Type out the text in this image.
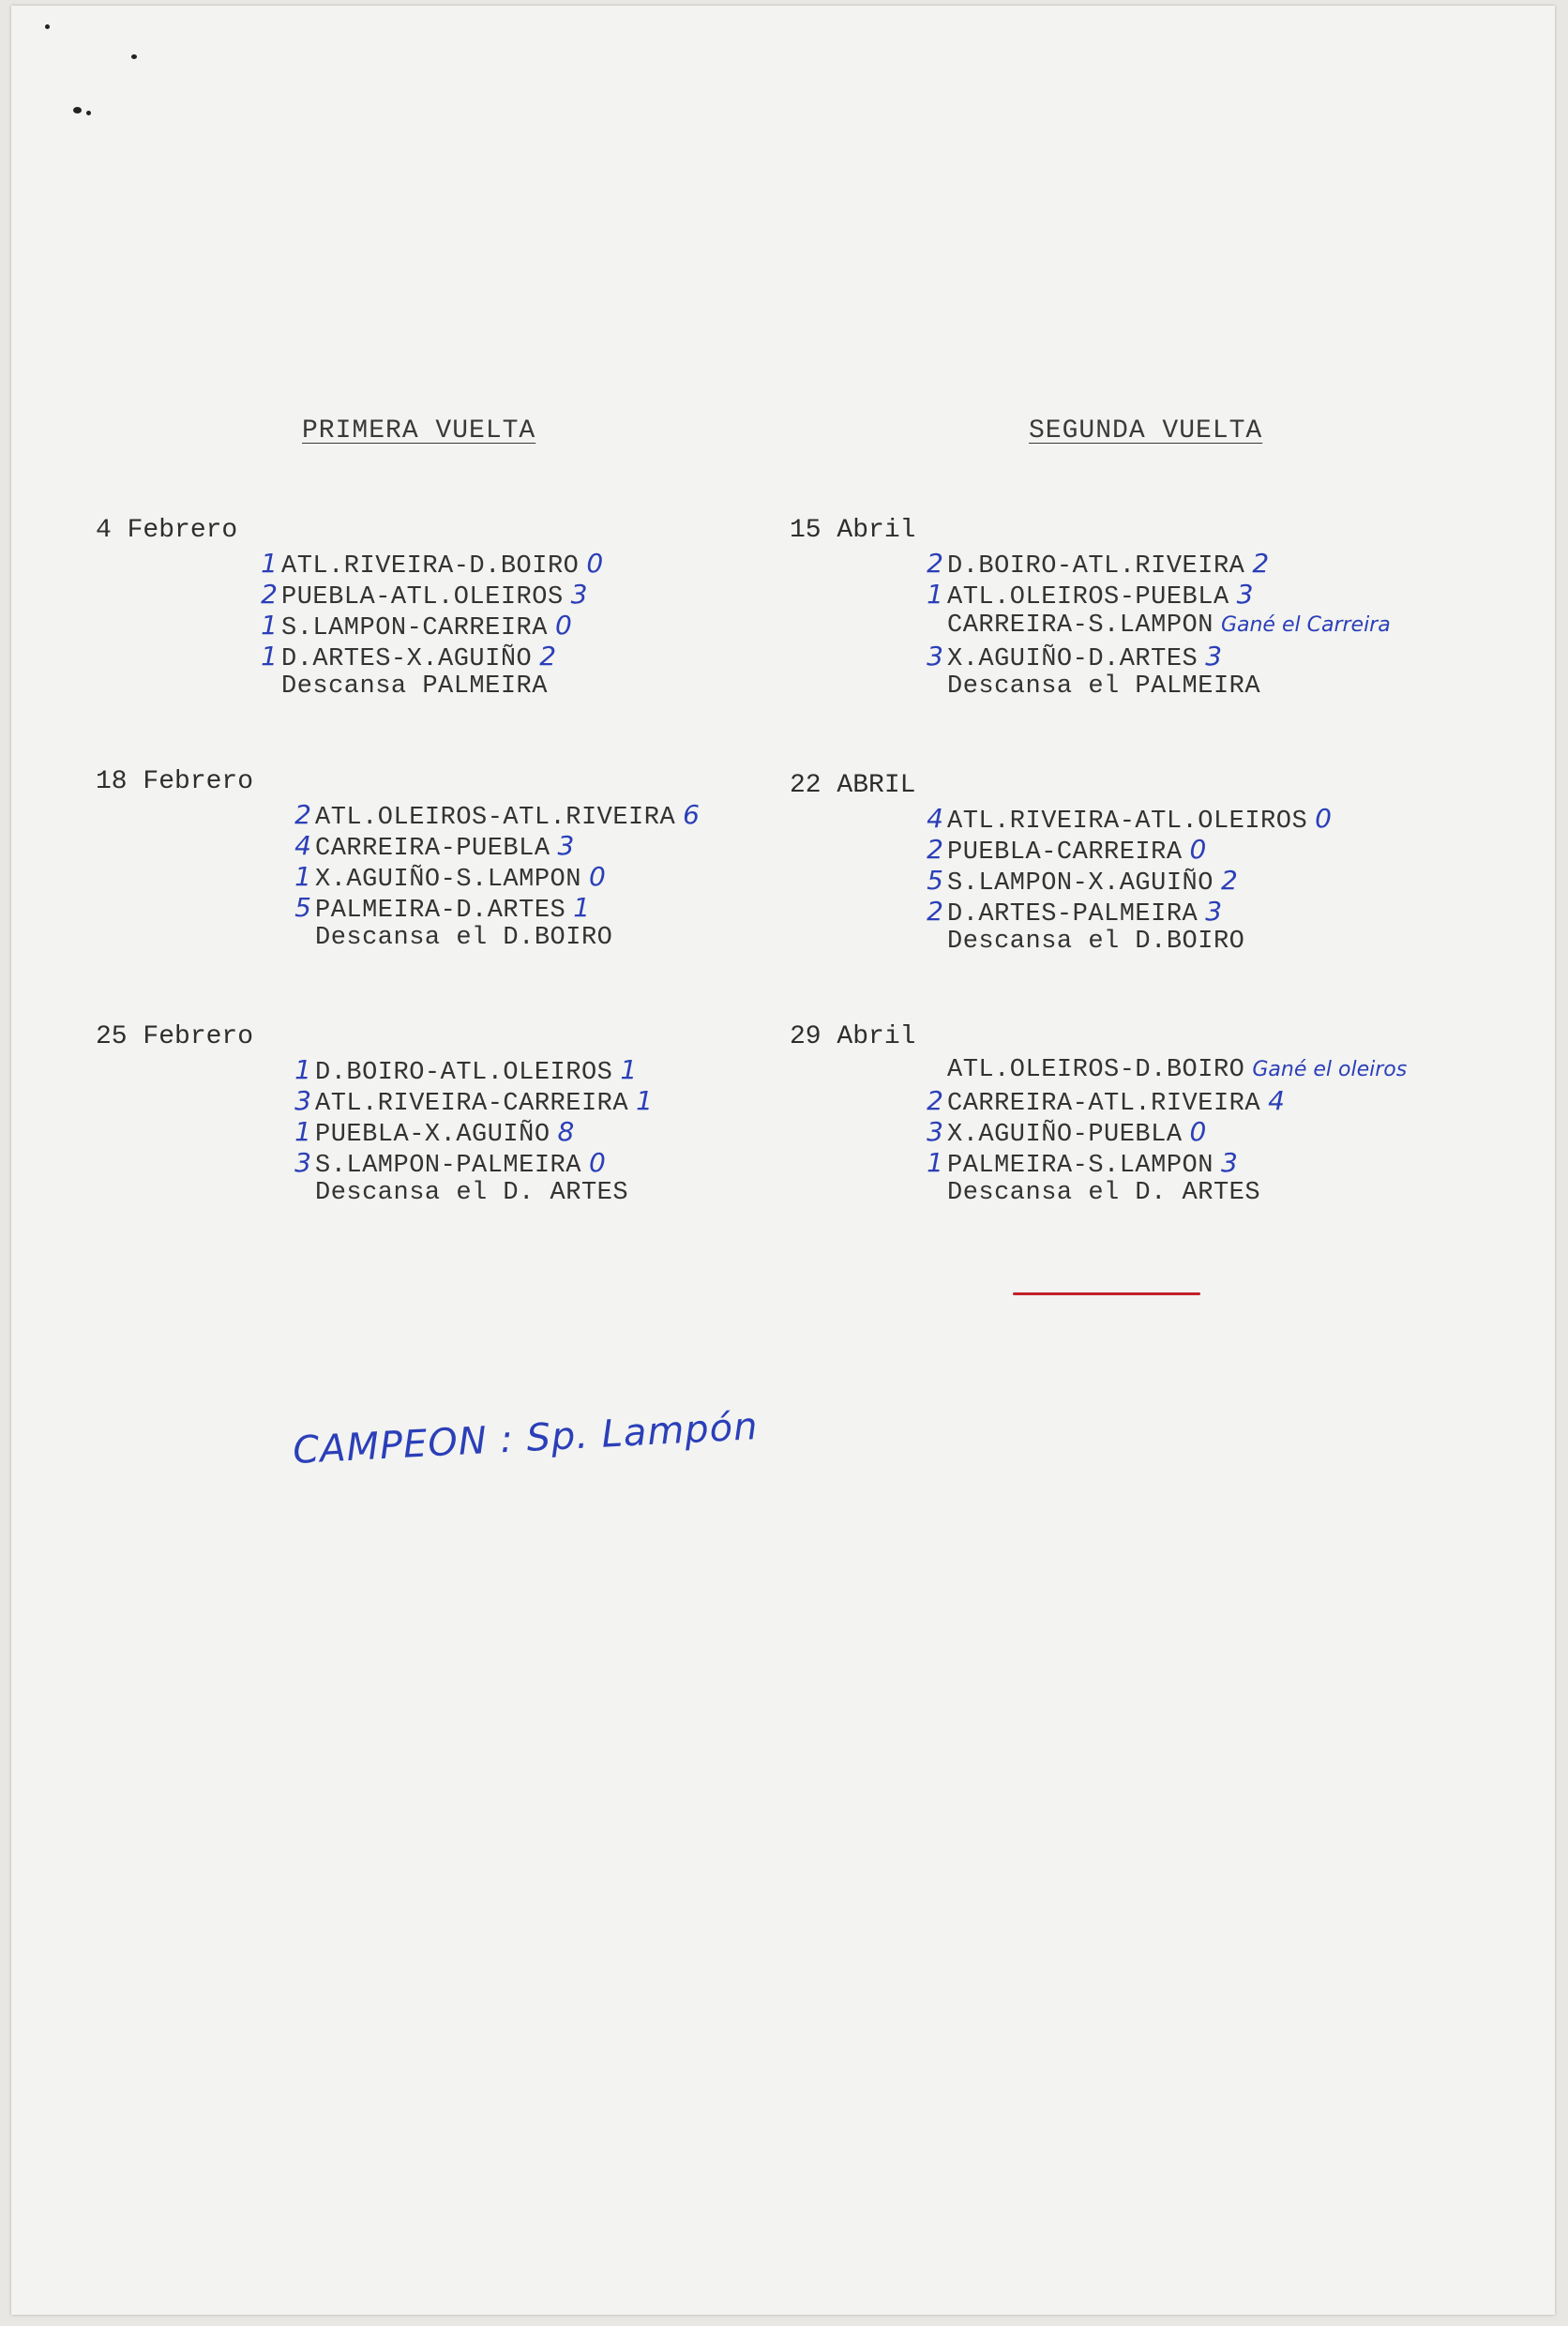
PRIMERA VUELTA
4 Febrero
1 ATL.RIVEIRA-D.BOIRO 0
2 PUEBLA-ATL.OLEIROS 3
1 S.LAMPON-CARREIRA 0
1 D.ARTES-X.AGUIÑO 2
Descansa PALMEIRA
18 Febrero
2 ATL.OLEIROS-ATL.RIVEIRA 6
4 CARREIRA-PUEBLA 3
1 X.AGUIÑO-S.LAMPON 0
5 PALMEIRA-D.ARTES 1
Descansa el D.BOIRO
25 Febrero
1 D.BOIRO-ATL.OLEIROS 1
3 ATL.RIVEIRA-CARREIRA 1
1 PUEBLA-X.AGUIÑO 8
3 S.LAMPON-PALMEIRA 0
Descansa el D. ARTES
SEGUNDA VUELTA
15 Abril
2 D.BOIRO-ATL.RIVEIRA 2
1 ATL.OLEIROS-PUEBLA 3
CARREIRA-S.LAMPON Gané el Carreira
3 X.AGUIÑO-D.ARTES 3
Descansa el PALMEIRA
22 ABRIL
4 ATL.RIVEIRA-ATL.OLEIROS 0
2 PUEBLA-CARREIRA 0
5 S.LAMPON-X.AGUIÑO 2
2 D.ARTES-PALMEIRA 3
Descansa el D.BOIRO
29 Abril
ATL.OLEIROS-D.BOIRO Gané el oleiros
2 CARREIRA-ATL.RIVEIRA 4
3 X.AGUIÑO-PUEBLA 0
1 PALMEIRA-S.LAMPON 3
Descansa el D. ARTES
CAMPEON : Sp. Lampón
